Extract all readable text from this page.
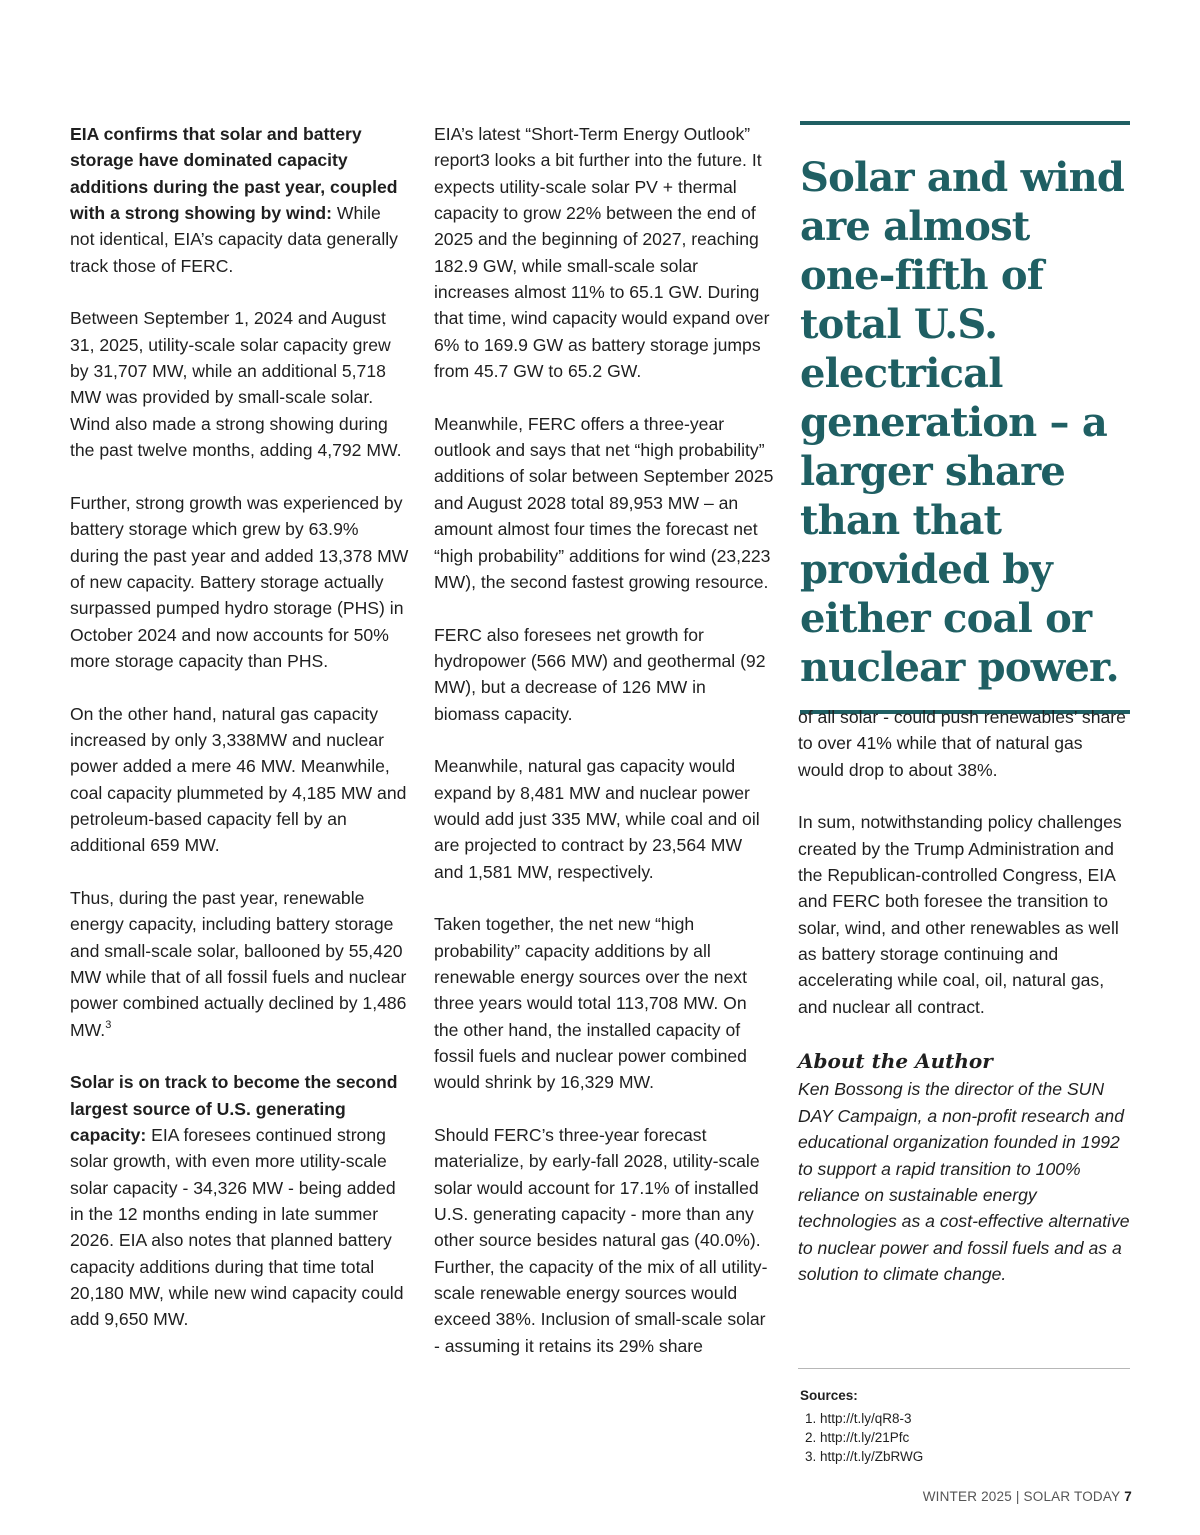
EIA confirms that solar and battery storage have dominated capacity additions during the past year, coupled with a strong showing by wind: While not identical, EIA’s capacity data generally track those of FERC.

Between September 1, 2024 and August 31, 2025, utility-scale solar capacity grew by 31,707 MW, while an additional 5,718 MW was provided by small-scale solar. Wind also made a strong showing during the past twelve months, adding 4,792 MW.

Further, strong growth was experienced by battery storage which grew by 63.9% during the past year and added 13,378 MW of new capacity. Battery storage actually surpassed pumped hydro storage (PHS) in October 2024 and now accounts for 50% more storage capacity than PHS.

On the other hand, natural gas capacity increased by only 3,338MW and nuclear power added a mere 46 MW. Meanwhile, coal capacity plummeted by 4,185 MW and petroleum-based capacity fell by an additional 659 MW.

Thus, during the past year, renewable energy capacity, including battery storage and small-scale solar, ballooned by 55,420 MW while that of all fossil fuels and nuclear power combined actually declined by 1,486 MW.$^3$

Solar is on track to become the second largest source of U.S. generating capacity: EIA foresees continued strong solar growth, with even more utility-scale solar capacity - 34,326 MW - being added in the 12 months ending in late summer 2026. EIA also notes that planned battery capacity additions during that time total 20,180 MW, while new wind capacity could add 9,650 MW.

EIA’s latest “Short-Term Energy Outlook” report3 looks a bit further into the future. It expects utility-scale solar PV + thermal capacity to grow 22% between the end of 2025 and the beginning of 2027, reaching 182.9 GW, while small-scale solar increases almost 11% to 65.1 GW. During that time, wind capacity would expand over 6% to 169.9 GW as battery storage jumps from 45.7 GW to 65.2 GW.

Meanwhile, FERC offers a three-year outlook and says that net “high probability” additions of solar between September 2025 and August 2028 total 89,953 MW – an amount almost four times the forecast net “high probability” additions for wind (23,223 MW), the second fastest growing resource.

FERC also foresees net growth for hydropower (566 MW) and geothermal (92 MW), but a decrease of 126 MW in biomass capacity.

Meanwhile, natural gas capacity would expand by 8,481 MW and nuclear power would add just 335 MW, while coal and oil are projected to contract by 23,564 MW and 1,581 MW, respectively.

Taken together, the net new “high probability” capacity additions by all renewable energy sources over the next three years would total 113,708 MW. On the other hand, the installed capacity of fossil fuels and nuclear power combined would shrink by 16,329 MW.

Should FERC’s three-year forecast materialize, by early-fall 2028, utility-scale solar would account for 17.1% of installed U.S. generating capacity - more than any other source besides natural gas (40.0%). Further, the capacity of the mix of all utility-scale renewable energy sources would exceed 38%. Inclusion of small-scale solar - assuming it retains its 29% share

Solar and wind are almost one-fifth of total U.S. electrical generation – a larger share than that provided by either coal or nuclear power.

of all solar - could push renewables’ share to over 41% while that of natural gas would drop to about 38%.

In sum, notwithstanding policy challenges created by the Trump Administration and the Republican-controlled Congress, EIA and FERC both foresee the transition to solar, wind, and other renewables as well as battery storage continuing and accelerating while coal, oil, natural gas, and nuclear all contract.

About the Author

Ken Bossong is the director of the SUN DAY Campaign, a non-profit research and educational organization founded in 1992 to support a rapid transition to 100% reliance on sustainable energy technologies as a cost-effective alternative to nuclear power and fossil fuels and as a solution to climate change.

Sources:
1. http://t.ly/qR8-3
2. http://t.ly/21Pfc
3. http://t.ly/ZbRWG
WINTER 2025 | SOLAR TODAY 7
